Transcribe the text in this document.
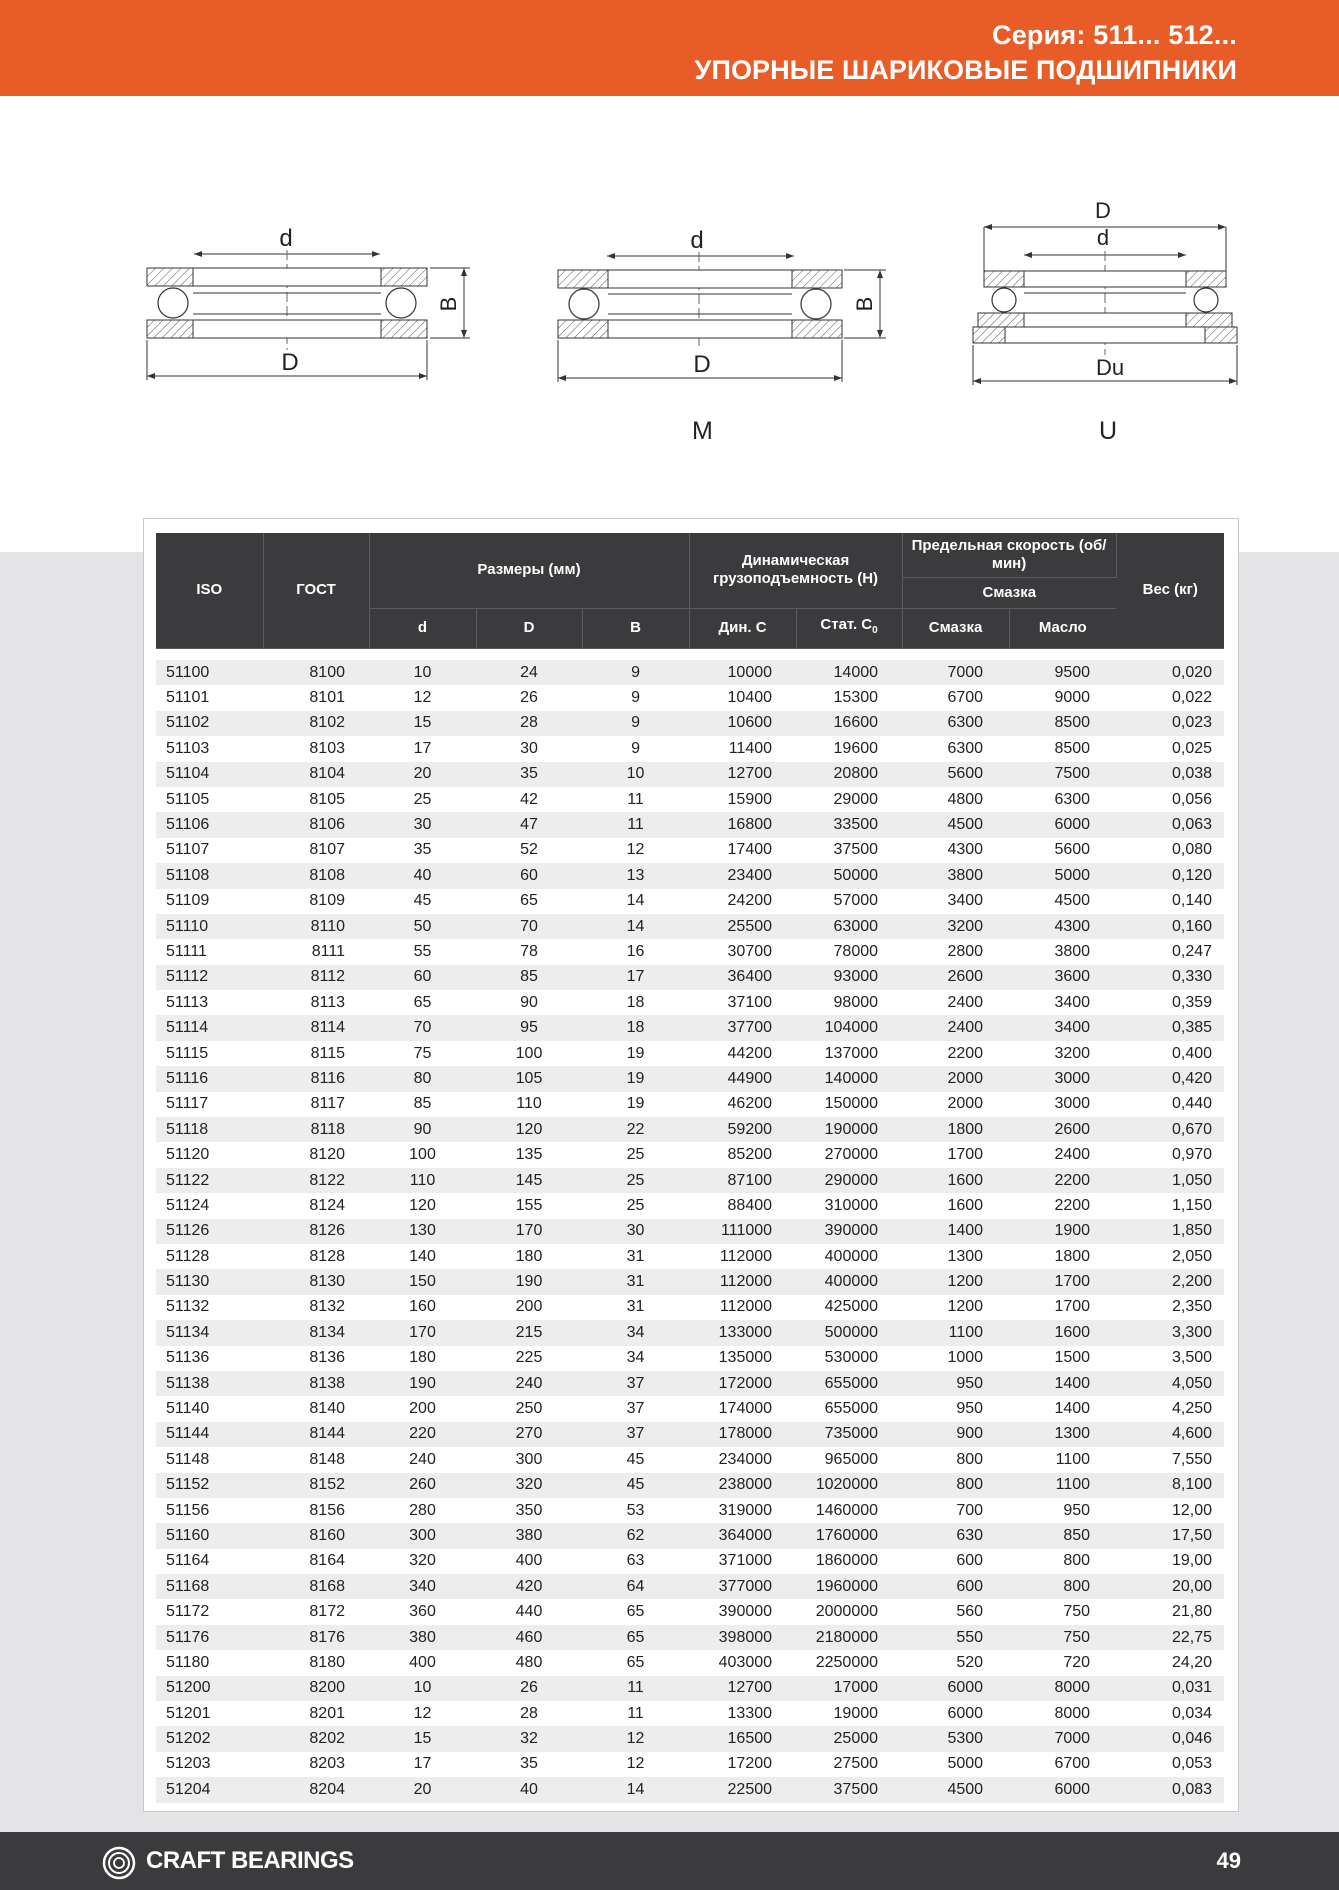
Серия: 511... 512...
УПОРНЫЕ ШАРИКОВЫЕ ПОДШИПНИКИ
d
D
B
d
D
B
D
d
Du
M	U
ISO	ГОСТ	Размеры (мм)			Динамическая грузоподъемность (Н)		Предельная скорость (об/мин)		Вес (кг)
							Смазка		
		d	D	B	Дин. С	Стат. $С_0$	Смазка	Масло	

51100	8100	10	24	9	10000	14000	7000	9500	0,020
51101	8101	12	26	9	10400	15300	6700	9000	0,022
51102	8102	15	28	9	10600	16600	6300	8500	0,023
51103	8103	17	30	9	11400	19600	6300	8500	0,025
51104	8104	20	35	10	12700	20800	5600	7500	0,038
51105	8105	25	42	11	15900	29000	4800	6300	0,056
51106	8106	30	47	11	16800	33500	4500	6000	0,063
51107	8107	35	52	12	17400	37500	4300	5600	0,080
51108	8108	40	60	13	23400	50000	3800	5000	0,120
51109	8109	45	65	14	24200	57000	3400	4500	0,140
51110	8110	50	70	14	25500	63000	3200	4300	0,160
51111	8111	55	78	16	30700	78000	2800	3800	0,247
51112	8112	60	85	17	36400	93000	2600	3600	0,330
51113	8113	65	90	18	37100	98000	2400	3400	0,359
51114	8114	70	95	18	37700	104000	2400	3400	0,385
51115	8115	75	100	19	44200	137000	2200	3200	0,400
51116	8116	80	105	19	44900	140000	2000	3000	0,420
51117	8117	85	110	19	46200	150000	2000	3000	0,440
51118	8118	90	120	22	59200	190000	1800	2600	0,670
51120	8120	100	135	25	85200	270000	1700	2400	0,970
51122	8122	110	145	25	87100	290000	1600	2200	1,050
51124	8124	120	155	25	88400	310000	1600	2200	1,150
51126	8126	130	170	30	111000	390000	1400	1900	1,850
51128	8128	140	180	31	112000	400000	1300	1800	2,050
51130	8130	150	190	31	112000	400000	1200	1700	2,200
51132	8132	160	200	31	112000	425000	1200	1700	2,350
51134	8134	170	215	34	133000	500000	1100	1600	3,300
51136	8136	180	225	34	135000	530000	1000	1500	3,500
51138	8138	190	240	37	172000	655000	950	1400	4,050
51140	8140	200	250	37	174000	655000	950	1400	4,250
51144	8144	220	270	37	178000	735000	900	1300	4,600
51148	8148	240	300	45	234000	965000	800	1100	7,550
51152	8152	260	320	45	238000	1020000	800	1100	8,100
51156	8156	280	350	53	319000	1460000	700	950	12,00
51160	8160	300	380	62	364000	1760000	630	850	17,50
51164	8164	320	400	63	371000	1860000	600	800	19,00
51168	8168	340	420	64	377000	1960000	600	800	20,00
51172	8172	360	440	65	390000	2000000	560	750	21,80
51176	8176	380	460	65	398000	2180000	550	750	22,75
51180	8180	400	480	65	403000	2250000	520	720	24,20
51200	8200	10	26	11	12700	17000	6000	8000	0,031
51201	8201	12	28	11	13300	19000	6000	8000	0,034
51202	8202	15	32	12	16500	25000	5300	7000	0,046
51203	8203	17	35	12	17200	27500	5000	6700	0,053
51204	8204	20	40	14	22500	37500	4500	6000	0,083
CRAFT BEARINGS	49
